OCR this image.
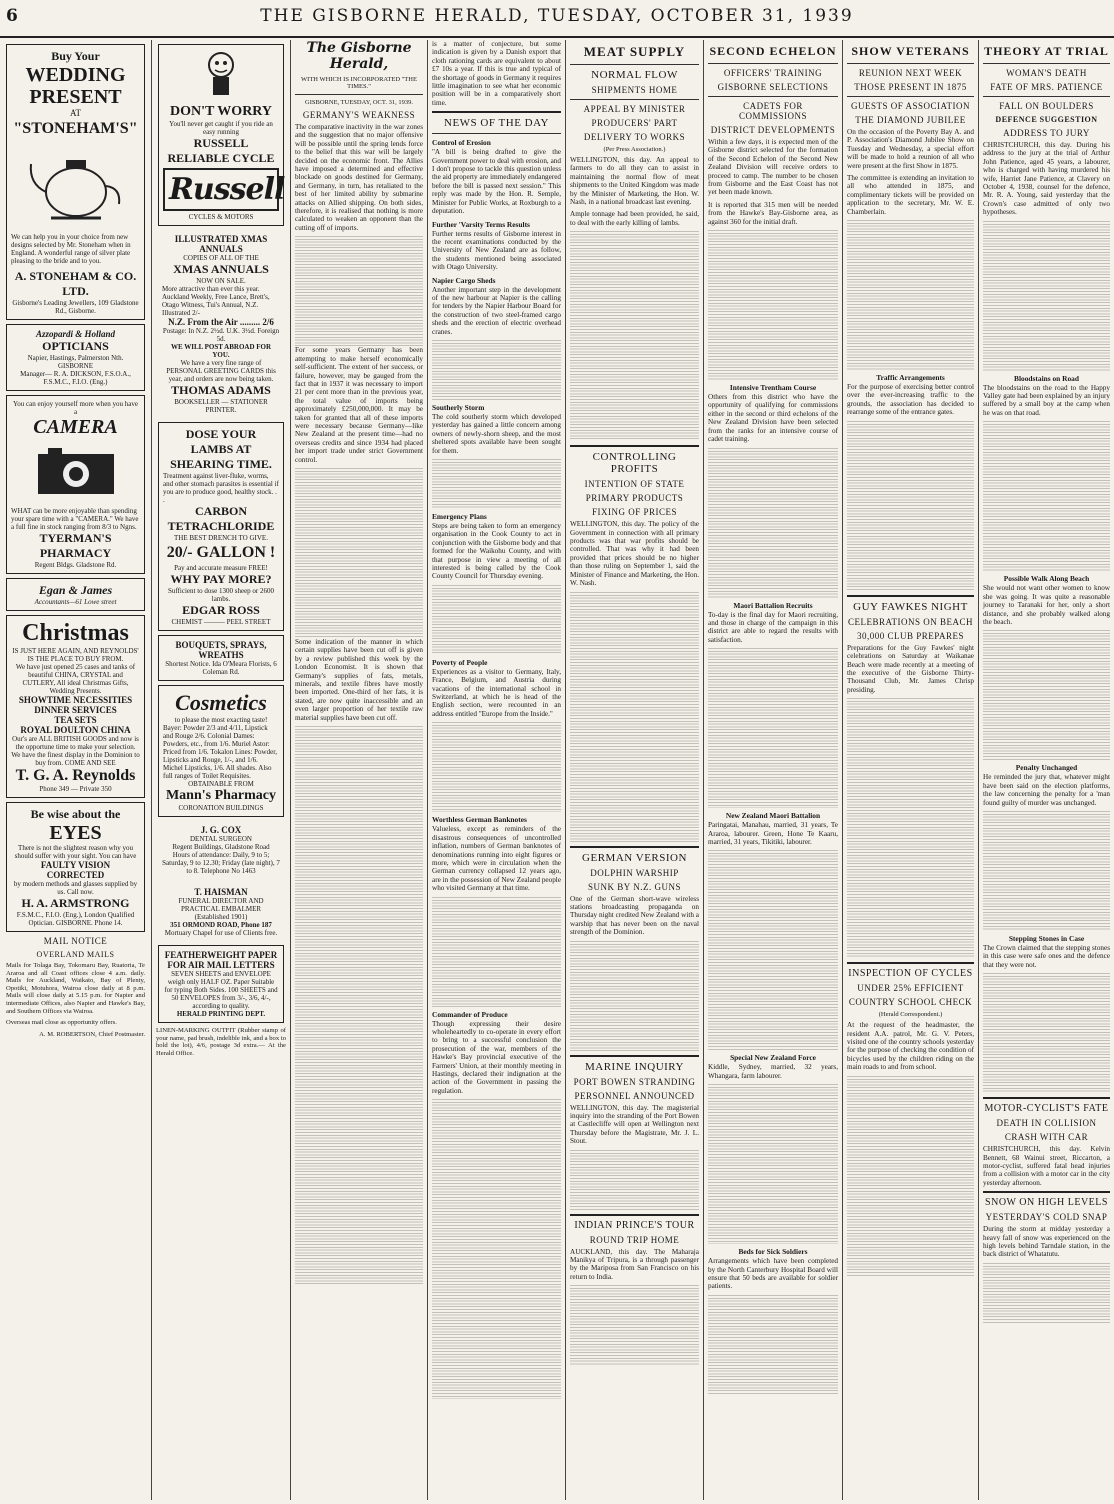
6	THE GISBORNE HERALD, TUESDAY, OCTOBER 31, 1939
Buy Your
WEDDING PRESENT
AT
"STONEHAM'S"
We can help you in your choice from new designs selected by Mr. Stoneham when in England. A wonderful range of silver plate pleasing to the bride and to you.
A. STONEHAM & CO. LTD.
Gisborne's Leading Jewellers, 109 Gladstone Rd., Gisborne.
Azzopardi & Holland
OPTICIANS
Napier, Hastings, Palmerston Nth. GISBORNE
Manager— R. A. DICKSON, F.S.O.A., F.S.M.C., F.I.O. (Eng.)
You can enjoy yourself more when you have a
CAMERA
WHAT can be more enjoyable than spending your spare time with a "CAMERA." We have a full fine in stock ranging from 8/3 to Ngns.
TYERMAN'S PHARMACY
Regent Bldgs. Gladstone Rd.
Egan & James
Accountants—61 Lowe street
Christmas
IS JUST HERE AGAIN, AND REYNOLDS' IS THE PLACE TO BUY FROM.
We have just opened 25 cases and tanks of beautiful CHINA, CRYSTAL and CUTLERY, All ideal Christmas Gifts, Wedding Presents.
SHOWTIME NECESSITIES
DINNER SERVICES
TEA SETS
ROYAL DOULTON CHINA
Our's are ALL BRITISH GOODS and now is the opportune time to make your selection. We have the finest display in the Dominion to buy from. COME AND SEE
T. G. A. Reynolds
Phone 349 — Private 350
Be wise about the
EYES
There is not the slightest reason why you should suffer with your sight. You can have
FAULTY VISION CORRECTED
by modern methods and glasses supplied by us. Call now.
H. A. ARMSTRONG
F.S.M.C., F.I.O. (Eng.), London Qualified Optician. GISBORNE. Phone 14.
MAIL NOTICE
OVERLAND MAILS

Mails for Tolaga Bay, Tokomaru Bay, Ruatoria, Te Araroa and all Coast offices close 4 a.m. daily. Mails for Auckland, Waikato, Bay of Plenty, Opotiki, Motuhora, Wairoa close daily at 8 p.m. Mails will close daily at 5.15 p.m. for Napier and intermediate Offices, also Napier and Hawke's Bay, and Southern Offices via Wairoa.

Overseas mail close as opportunity offers.

A. M. ROBERTSON, Chief Postmaster.

DON'T WORRY
You'll never get caught if you ride an easy running
RUSSELL RELIABLE CYCLE
Russell
CYCLES & MOTORS
ILLUSTRATED XMAS ANNUALS
COPIES OF ALL OF THE
XMAS ANNUALS
NOW ON SALE.
More attractive than ever this year. Auckland Weekly, Free Lance, Brett's, Otago Witness, Tui's Annual, N.Z. Illustrated 2/-
N.Z. From the Air ......... 2/6
Postage: In N.Z. 2½d. U.K. 3½d. Foreign 5d.
WE WILL POST ABROAD FOR YOU.
We have a very fine range of PERSONAL GREETING CARDS this year, and orders are now being taken.
THOMAS ADAMS
BOOKSELLER — STATIONER PRINTER.
DOSE YOUR LAMBS AT SHEARING TIME.
Treatment against liver-fluke, worms, and other stomach parasites is essential if you are to produce good, healthy stock. . .
CARBON TETRACHLORIDE
THE BEST DRENCH TO GIVE.
20/- GALLON !
Pay and accurate measure FREE!
WHY PAY MORE?
Sufficient to dose 1300 sheep or 2600 lambs.
EDGAR ROSS
CHEMIST ——— PEEL STREET
BOUQUETS, SPRAYS, WREATHS
Shortest Notice. Ida O'Meara Florists, 6 Coleman Rd.
Cosmetics
to please the most exacting taste!
Bayer: Powder 2/3 and 4/11, Lipstick and Rouge 2/6. Colonial Dames: Powders, etc., from 1/6. Muriel Astor: Priced from 1/6. Tokalon Lines: Powder, Lipsticks and Rouge, 1/-, and 1/6. Michel Lipsticks, 1/6. All shades. Also full ranges of Toilet Requisites.
OBTAINABLE FROM
Mann's Pharmacy
CORONATION BUILDINGS
J. G. COX
DENTAL SURGEON
Regent Buildings, Gladstone Road
Hours of attendance: Daily, 9 to 5; Saturday, 9 to 12.30; Friday (late night), 7 to 8. Telephone No 1463
T. HAISMAN
FUNERAL DIRECTOR AND PRACTICAL EMBALMER
(Established 1901)
351 ORMOND ROAD, Phone 187
Mortuary Chapel for use of Clients free.
FEATHERWEIGHT PAPER FOR AIR MAIL LETTERS
SEVEN SHEETS and ENVELOPE weigh only HALF OZ. Paper Suitable for typing Both Sides. 100 SHEETS and 50 ENVELOPES from 3/-, 3/6, 4/-, according to quality.
HERALD PRINTING DEPT.

LINEN-MARKING OUTFIT (Rubber stamp of your name, pad brush, indelible ink, and a box to hold the lot), 4/6, postage 3d extra.— At the Herald Office.

The Gisborne Herald,
WITH WHICH IS INCORPORATED "THE TIMES."
GISBORNE, TUESDAY, OCT. 31, 1939.
GERMANY'S WEAKNESS

The comparative inactivity in the war zones and the suggestion that no major offensive will be possible until the spring lends force to the belief that this war will be largely decided on the economic front. The Allies have imposed a determined and effective blockade on goods destined for Germany, and Germany, in turn, has retaliated to the best of her limited ability by submarine attacks on Allied shipping. On both sides, therefore, it is realised that nothing is more calculated to weaken an opponent than the cutting off of imports.

For some years Germany has been attempting to make herself economically self-sufficient. The extent of her success, or failure, however, may be gauged from the fact that in 1937 it was necessary to import 21 per cent more than in the previous year, the total value of imports being approximately £250,000,000. It may be taken for granted that all of these imports were necessary because Germany—like New Zealand at the present time—had no overseas credits and since 1934 had placed her import trade under strict Government control.

Some indication of the manner in which certain supplies have been cut off is given by a review published this week by the London Economist. It is shown that Germany's supplies of fats, metals, minerals, and textile fibres have mostly been imported. One-third of her fats, it is stated, are now quite inaccessible and an even larger proportion of her textile raw material supplies have been cut off.

is a matter of conjecture, but some indication is given by a Danish export that cloth rationing cards are equivalent to about £7 10s a year. If this is true and typical of the shortage of goods in Germany it requires little imagination to see what her economic position will be in a comparatively short time.

NEWS OF THE DAY
Control of Erosion

"A bill is being drafted to give the Government power to deal with erosion, and I don't propose to tackle this question unless the aid property are immediately endangered before the bill is passed next session." This reply was made by the Hon. R. Semple, Minister for Public Works, at Roxburgh to a deputation.

Further 'Varsity Terms Results

Further terms results of Gisborne interest in the recent examinations conducted by the University of New Zealand are as follow, the students mentioned being associated with Otago University.

Napier Cargo Sheds

Another important step in the development of the new harbour at Napier is the calling for tenders by the Napier Harbour Board for the construction of two steel-framed cargo sheds and the erection of electric overhead cranes.

Southerly Storm

The cold southerly storm which developed yesterday has gained a little concern among owners of newly-shorn sheep, and the most sheltered spots available have been sought for them.

Emergency Plans

Steps are being taken to form an emergency organisation in the Cook County to act in conjunction with the Gisborne body and that formed for the Waikohu County, and with that purpose in view a meeting of all interested is being called by the Cook County Council for Thursday evening.

Poverty of People

Experiences as a visitor to Germany, Italy, France, Belgium, and Austria during vacations of the international school in Switzerland, at which he is head of the English section, were recounted in an address entitled "Europe from the Inside."

Worthless German Banknotes

Valueless, except as reminders of the disastrous consequences of uncontrolled inflation, numbers of German banknotes of denominations running into eight figures or more, which were in circulation when the German currency collapsed 12 years ago, are in the possession of New Zealand people who visited Germany at that time.

Commander of Produce

Though expressing their desire wholeheartedly to co-operate in every effort to bring to a successful conclusion the prosecution of the war, members of the Hawke's Bay provincial executive of the Farmers' Union, at their monthly meeting in Hastings, declared their indignation at the action of the Government in passing the regulation.

MEAT SUPPLY
NORMAL FLOW
SHIPMENTS HOME
APPEAL BY MINISTER
PRODUCERS' PART
DELIVERY TO WORKS
(Per Press Association.)

WELLINGTON, this day. An appeal to farmers to do all they can to assist in maintaining the normal flow of meat shipments to the United Kingdom was made by the Minister of Marketing, the Hon. W. Nash, in a national broadcast last evening.

Ample tonnage had been provided, he said, to deal with the early killing of lambs.

CONTROLLING PROFITS
INTENTION OF STATE
PRIMARY PRODUCTS
FIXING OF PRICES

WELLINGTON, this day. The policy of the Government in connection with all primary products was that war profits should be controlled. That was why it had been provided that prices should be no higher than those ruling on September 1, said the Minister of Finance and Marketing, the Hon. W. Nash.

GERMAN VERSION
DOLPHIN WARSHIP
SUNK BY N.Z. GUNS

One of the German short-wave wireless stations broadcasting propaganda on Thursday night credited New Zealand with a warship that has never been on the naval strength of the Dominion.

MARINE INQUIRY
PORT BOWEN STRANDING
PERSONNEL ANNOUNCED

WELLINGTON, this day. The magisterial inquiry into the stranding of the Port Bowen at Castlecliffe will open at Wellington next Thursday before the Magistrate, Mr. J. L. Stout.

INDIAN PRINCE'S TOUR
ROUND TRIP HOME

AUCKLAND, this day. The Maharaja Manikya of Tripura, is a through passenger by the Mariposa from San Francisco on his return to India.

SECOND ECHELON
OFFICERS' TRAINING
GISBORNE SELECTIONS
CADETS FOR COMMISSIONS
DISTRICT DEVELOPMENTS

Within a few days, it is expected men of the Gisborne district selected for the formation of the Second Echelon of the Second New Zealand Division will receive orders to proceed to camp. The number to be chosen from Gisborne and the East Coast has not yet been made known.

It is reported that 315 men will be needed from the Hawke's Bay-Gisborne area, as against 360 for the initial draft.

Intensive Trentham Course

Others from this district who have the opportunity of qualifying for commissions either in the second or third echelons of the New Zealand Division have been selected from the ranks for an intensive course of cadet training.

Maori Battalion Recruits

To-day is the final day for Maori recruiting, and those in charge of the campaign in this district are able to regard the results with satisfaction.

New Zealand Maori Battalion

Paringatai, Manahau, married, 31 years, Te Araroa, labourer. Green, Hone Te Kaaru, married, 31 years, Tikitiki, labourer.

Special New Zealand Force

Kiddle, Sydney, married, 32 years, Whangara, farm labourer.

Beds for Sick Soldiers

Arrangements which have been completed by the North Canterbury Hospital Board will ensure that 50 beds are available for soldier patients.

SHOW VETERANS
REUNION NEXT WEEK
THOSE PRESENT IN 1875
GUESTS OF ASSOCIATION
THE DIAMOND JUBILEE

On the occasion of the Poverty Bay A. and P. Association's Diamond Jubilee Show on Tuesday and Wednesday, a special effort will be made to hold a reunion of all who were present at the first Show in 1875.

The committee is extending an invitation to all who attended in 1875, and complimentary tickets will be provided on application to the secretary, Mr. W. E. Chamberlain.

Traffic Arrangements

For the purpose of exercising better control over the ever-increasing traffic to the grounds, the association has decided to rearrange some of the entrance gates.

GUY FAWKES NIGHT
CELEBRATIONS ON BEACH
30,000 CLUB PREPARES

Preparations for the Guy Fawkes' night celebrations on Saturday at Waikanae Beach were made recently at a meeting of the executive of the Gisborne Thirty-Thousand Club, Mr. James Chrisp presiding.

INSPECTION OF CYCLES
UNDER 25% EFFICIENT
COUNTRY SCHOOL CHECK
(Herald Correspondent.)

At the request of the headmaster, the resident A.A. patrol, Mr. G. V. Peters, visited one of the country schools yesterday for the purpose of checking the condition of bicycles used by the children riding on the main roads to and from school.

THEORY AT TRIAL
WOMAN'S DEATH
FATE OF MRS. PATIENCE
FALL ON BOULDERS
DEFENCE SUGGESTION
ADDRESS TO JURY

CHRISTCHURCH, this day. During his address to the jury at the trial of Arthur John Patience, aged 45 years, a labourer, who is charged with having murdered his wife, Harriet Jane Patience, at Clavery on October 4, 1938, counsel for the defence, Mr. R. A. Young, said yesterday that the Crown's case admitted of only two hypotheses.

Bloodstains on Road

The bloodstains on the road to the Happy Valley gate had been explained by an injury suffered by a small boy at the camp when he was on that road.

Possible Walk Along Beach

She would not want other women to know she was going. It was quite a reasonable journey to Taranaki for her, only a short distance, and she probably walked along the beach.

Penalty Unchanged

He reminded the jury that, whatever might have been said on the election platforms, the law concerning the penalty for a 'man found guilty of murder was unchanged.

Stepping Stones in Case

The Crown claimed that the stepping stones in this case were safe ones and the defence that they were not.

MOTOR-CYCLIST'S FATE
DEATH IN COLLISION
CRASH WITH CAR

CHRISTCHURCH, this day. Kelvin Bennett, 68 Wainui street, Riccarton, a motor-cyclist, suffered fatal head injuries from a collision with a motor car in the city yesterday afternoon.

SNOW ON HIGH LEVELS
YESTERDAY'S COLD SNAP

During the storm at midday yesterday a heavy fall of snow was experienced on the high levels behind Tarndale station, in the back district of Whatatutu.
